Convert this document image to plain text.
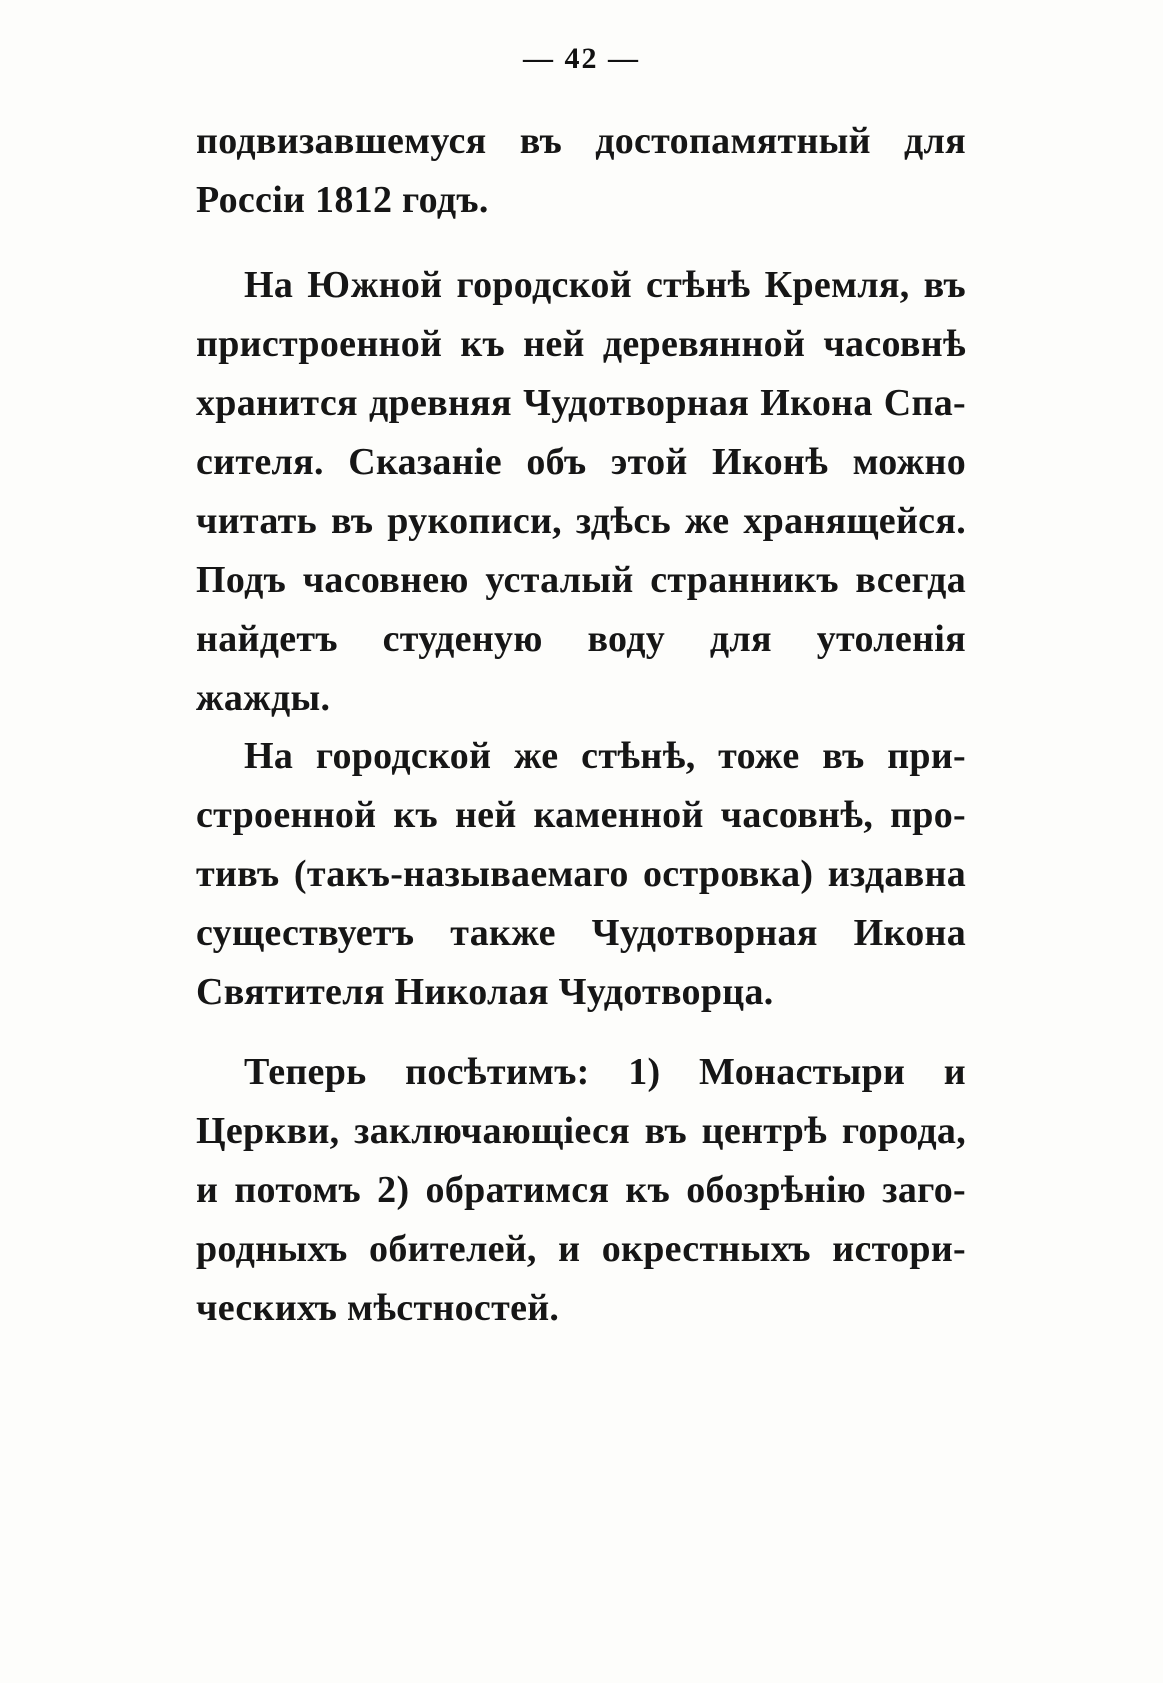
— 42 —
подвизавшемуся въ достопамятный для
Россіи 1812 годъ.
На Южной городской стѣнѣ Кремля, въ
пристроенной къ ней деревянной часовнѣ
хранится древняя Чудотворная Икона Спа-
сителя. Сказаніе объ этой Иконѣ можно
читать въ рукописи, здѣсь же хранящейся.
Подъ часовнею усталый странникъ всегда
найдетъ студеную воду для утоленія
жажды.
На городской же стѣнѣ, тоже въ при-
строенной къ ней каменной часовнѣ, про-
тивъ (такъ-называемаго островка) издавна
существуетъ также Чудотворная Икона
Святителя Николая Чудотворца.
Теперь посѣтимъ: 1) Монастыри и
Церкви, заключающіеся въ центрѣ города,
и потомъ 2) обратимся къ обозрѣнію заго-
родныхъ обителей, и окрестныхъ истори-
ческихъ мѣстностей.
